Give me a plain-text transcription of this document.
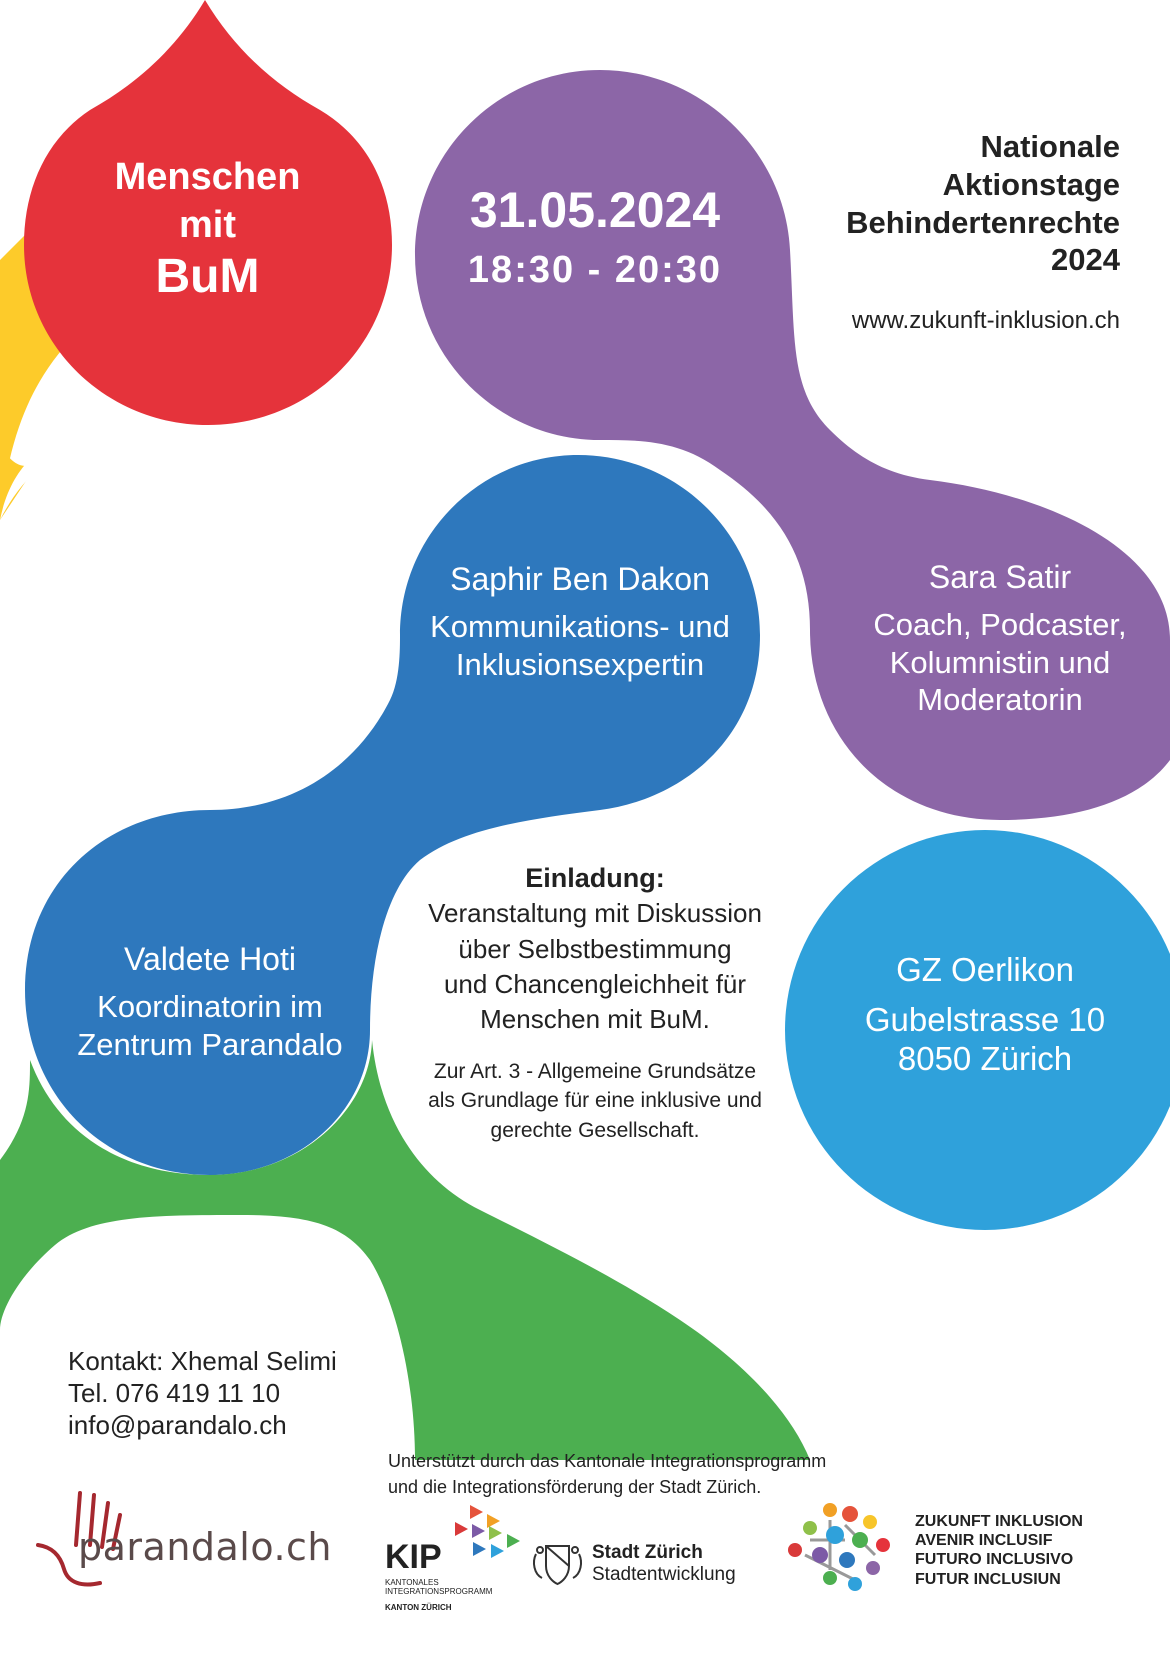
Menschen
mit
BuM
31.05.2024
18:30 - 20:30
Nationale
Aktionstage
Behindertenrechte
2024
www.zukunft-inklusion.ch
Saphir Ben Dakon
Kommunikations- und
Inklusionsexpertin
Sara Satir
Coach, Podcaster,
Kolumnistin und
Moderatorin
Valdete Hoti
Koordinatorin im
Zentrum Parandalo
Einladung:
Veranstaltung mit Diskussion
über Selbstbestimmung
und Chancengleichheit für
Menschen mit BuM.
Zur Art. 3 - Allgemeine Grundsätze
als Grundlage für eine inklusive und
gerechte Gesellschaft.
GZ Oerlikon
Gubelstrasse 10
8050 Zürich
Kontakt: Xhemal Selimi
Tel. 076 419 11 10
info@parandalo.ch
Unterstützt durch das Kantonale Integrationsprogramm
und die Integrationsförderung der Stadt Zürich.
parandalo.ch KIP
KANTONALES
INTEGRATIONSPROGRAMM
KANTON ZÜRICH
Stadt Zürich
Stadtentwicklung
ZUKUNFT INKLUSION
AVENIR INCLUSIF
FUTURO INCLUSIVO
FUTUR INCLUSIUN
